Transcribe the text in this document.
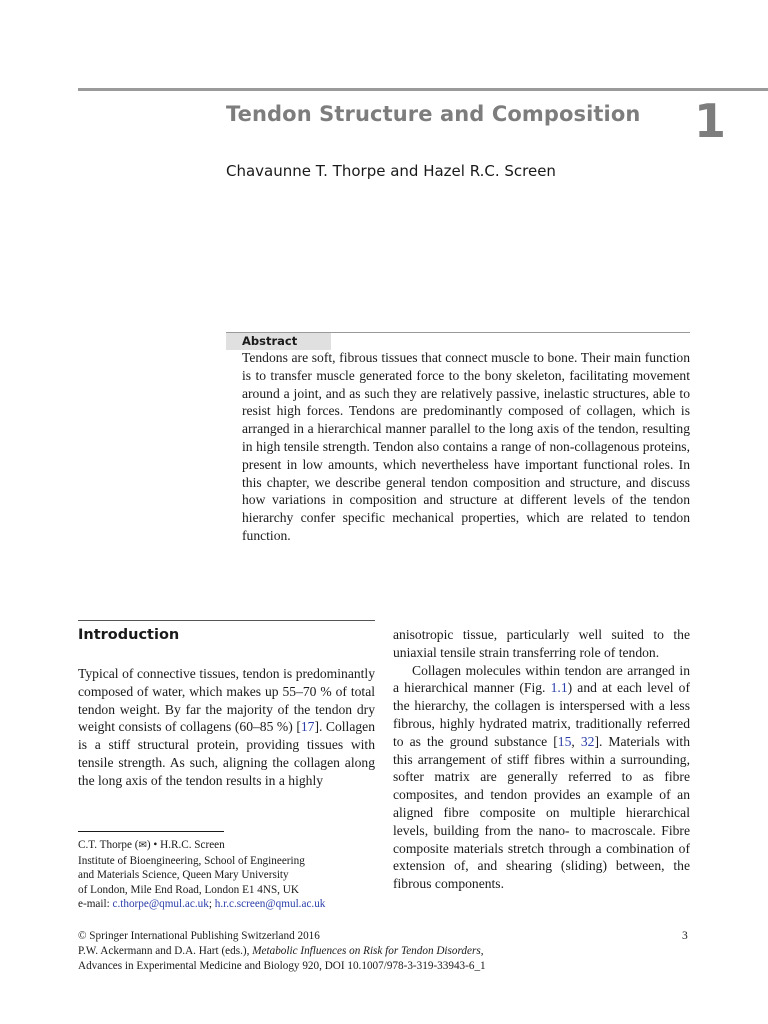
Tendon Structure and Composition 1

Chavaunne T. Thorpe and Hazel R.C. Screen

Abstract

Tendons are soft, fibrous tissues that connect muscle to bone. Their main function is to transfer muscle generated force to the bony skeleton, facilitating movement around a joint, and as such they are relatively passive, inelastic structures, able to resist high forces. Tendons are predominantly composed of collagen, which is arranged in a hierarchical manner parallel to the long axis of the tendon, resulting in high tensile strength. Tendon also contains a range of non-collagenous proteins, present in low amounts, which nevertheless have important functional roles. In this chapter, we describe general tendon composition and structure, and discuss how variations in composition and structure at different levels of the tendon hierarchy confer specific mechanical properties, which are related to tendon function.

Introduction

Typical of connective tissues, tendon is predominantly composed of water, which makes up 55–70 % of total tendon weight. By far the majority of the tendon dry weight consists of collagens (60–85 %) [17]. Collagen is a stiff structural protein, providing tissues with tensile strength. As such, aligning the collagen along the long axis of the tendon results in a highly

anisotropic tissue, particularly well suited to the uniaxial tensile strain transferring role of tendon.

Collagen molecules within tendon are arranged in a hierarchical manner (Fig. 1.1) and at each level of the hierarchy, the collagen is interspersed with a less fibrous, highly hydrated matrix, traditionally referred to as the ground substance [15, 32]. Materials with this arrangement of stiff fibres within a surrounding, softer matrix are generally referred to as fibre composites, and tendon provides an example of an aligned fibre composite on multiple hierarchical levels, building from the nano- to macroscale. Fibre composite materials stretch through a combination of extension of, and shearing (sliding) between, the fibrous components.

C.T. Thorpe (✉) • H.R.C. Screen
Institute of Bioengineering, School of Engineering
and Materials Science, Queen Mary University
of London, Mile End Road, London E1 4NS, UK
e-mail: c.thorpe@qmul.ac.uk; h.r.c.screen@qmul.ac.uk
© Springer International Publishing Switzerland 2016
P.W. Ackermann and D.A. Hart (eds.), Metabolic Influences on Risk for Tendon Disorders,
Advances in Experimental Medicine and Biology 920, DOI 10.1007/978-3-319-33943-6_1
3
